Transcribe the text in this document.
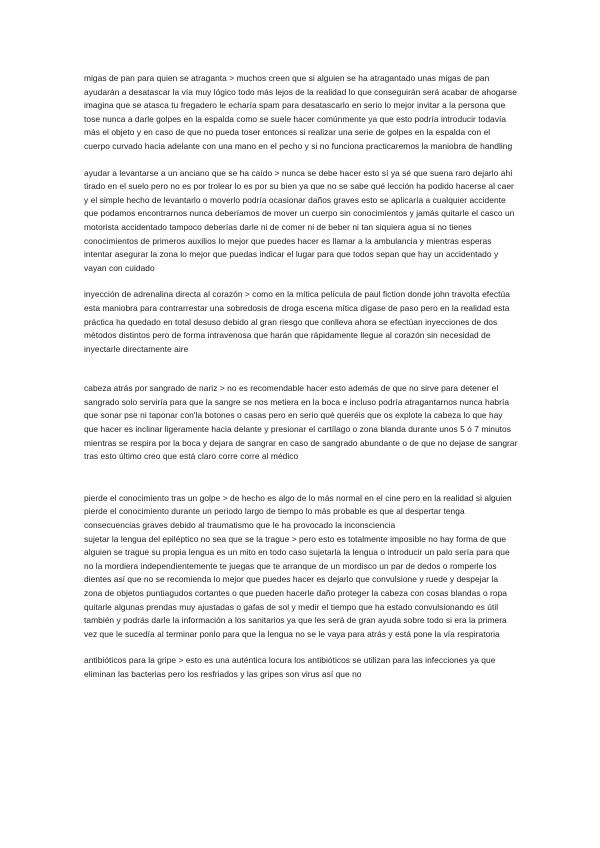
migas de pan para quien se atraganta > muchos creen que si alguien se ha atragantado unas migas de pan ayudarán a desatascar la vía muy lógico todo más lejos de la realidad lo que conseguirán será acabar de ahogarse imagina que se atasca tu fregadero le echaría spam para desatascarlo en serio lo mejor invitar a la persona que tose nunca a darle golpes en la espalda como se suele hacer comúnmente ya que esto podría introducir todavía más el objeto y en caso de que no pueda toser entonces si realizar una serie de golpes en la espalda con el cuerpo curvado hacia adelante con una mano en el pecho y si no funciona practicaremos la maniobra de handling

ayudar a levantarse a un anciano que se ha caído > nunca se debe hacer esto sí ya sé que suena raro dejarlo ahí tirado en el suelo pero no es por trolear lo es por su bien ya que no se sabe qué lección ha podido hacerse al caer y el simple hecho de levantarlo o moverlo podría ocasionar daños graves esto se aplicaría a cualquier accidente que podamos encontrarnos nunca deberíamos de mover un cuerpo sin conocimientos y jamás quitarle el casco un motorista accidentado tampoco deberías darle ni de comer ni de beber ni tan siquiera agua si no tienes conocimientos de primeros auxilios lo mejor que puedes hacer es llamar a la ambulancia y mientras esperas intentar asegurar la zona lo mejor que puedas indicar el lugar para que todos sepan que hay un accidentado y vayan con cuidado

inyección de adrenalina directa al corazón > como en la mítica película de paul fiction donde john travolta efectúa esta maniobra para contrarrestar una sobredosis de droga escena mítica dígase de paso pero en la realidad esta práctica ha quedado en total desuso debido al gran riesgo que conlleva ahora se efectúan inyecciones de dos métodos distintos pero de forma intravenosa que harán que rápidamente llegue al corazón sin necesidad de inyectarle directamente aire

cabeza atrás por sangrado de nariz > no es recomendable hacer esto además de que no sirve para detener el sangrado solo serviría para que la sangre se nos metiera en la boca e incluso podría atragantarnos nunca habría que sonar pse ni taponar con'la botones o casas pero en serio qué queréis que os explote la cabeza lo que hay que hacer es inclinar ligeramente hacia delante y presionar el cartílago o zona blanda durante unos 5 ó 7 minutos mientras se respira por la boca y dejara de sangrar en caso de sangrado abundante o de que no dejase de sangrar tras esto último creo que está claro corre corre al médico

pierde el conocimiento tras un golpe > de hecho es algo de lo más normal en el cine pero en la realidad si alguien pierde el conocimiento durante un periodo largo de tiempo lo más probable es que al despertar tenga consecuencias graves debido al traumatismo que le ha provocado la inconsciencia

sujetar la lengua del epiléptico no sea que se la trague > pero esto es totalmente imposible no hay forma de que alguien se trague su propia lengua es un mito en todo caso sujetarla la lengua o introducir un palo sería para que no la mordiera independientemente te juegas que te arranque de un mordisco un par de dedos o romperle los dientes así que no se recomienda lo mejor que puedes hacer es dejarlo que convulsione y ruede y despejar la zona de objetos puntiagudos cortantes o que pueden hacerle daño proteger la cabeza con cosas blandas o ropa quitarle algunas prendas muy ajustadas o gafas de sol y medir el tiempo que ha estado convulsionando es útil también y podrás darle la información a los sanitarios ya que les será de gran ayuda sobre todo si era la primera vez que le sucedía al terminar ponlo para que la lengua no se le vaya para atrás y está pone la vía respiratoria

antibióticos para la gripe > esto es una auténtica locura los antibióticos se utilizan para las infecciones ya que eliminan las bacterias pero los resfriados y las gripes son virus así que no
